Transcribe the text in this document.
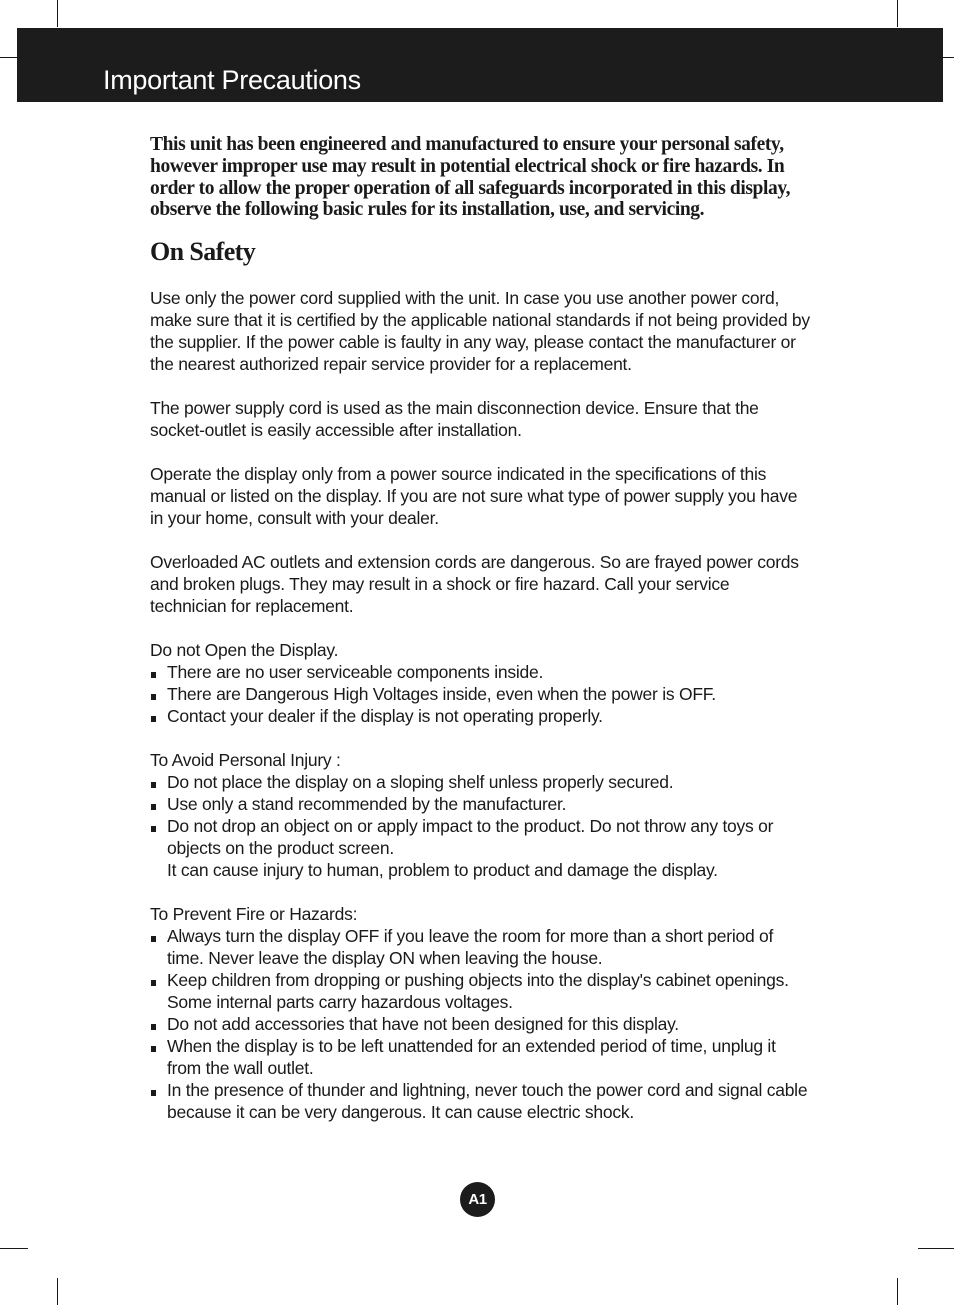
Important Precautions

This unit has been engineered and manufactured to ensure your personal safety, however improper use may result in potential electrical shock or fire hazards. In order to allow the proper operation of all safeguards incorporated in this display, observe the following basic rules for its installation, use, and servicing.

On Safety

Use only the power cord supplied with the unit. In case you use another power cord, make sure that it is certified by the applicable national standards if not being provided by the supplier. If the power cable is faulty in any way, please contact the manufacturer or the nearest authorized repair service provider for a replacement.

The power supply cord is used as the main disconnection device. Ensure that the socket-outlet is easily accessible after installation.

Operate the display only from a power source indicated in the specifications of this manual or listed on the display. If you are not sure what type of power supply you have in your home, consult with your dealer.

Overloaded AC outlets and extension cords are dangerous. So are frayed power cords and broken plugs. They may result in a shock or fire hazard. Call your service technician for replacement.

Do not Open the Display.

There are no user serviceable components inside.
There are Dangerous High Voltages inside, even when the power is OFF.
Contact your dealer if the display is not operating properly.

To Avoid Personal Injury :

Do not place the display on a sloping shelf unless properly secured.
Use only a stand recommended by the manufacturer.
Do not drop an object on or apply impact to the product. Do not throw any toys or objects on the product screen.
It can cause injury to human, problem to product and damage the display.

To Prevent Fire or Hazards:

Always turn the display OFF if you leave the room for more than a short period of time. Never leave the display ON when leaving the house.
Keep children from dropping or pushing objects into the display's cabinet openings. Some internal parts carry hazardous voltages.
Do not add accessories that have not been designed for this display.
When the display is to be left unattended for an extended period of time, unplug it from the wall outlet.
In the presence of thunder and lightning, never touch the power cord and signal cable because it can be very dangerous. It can cause electric shock.
A1
